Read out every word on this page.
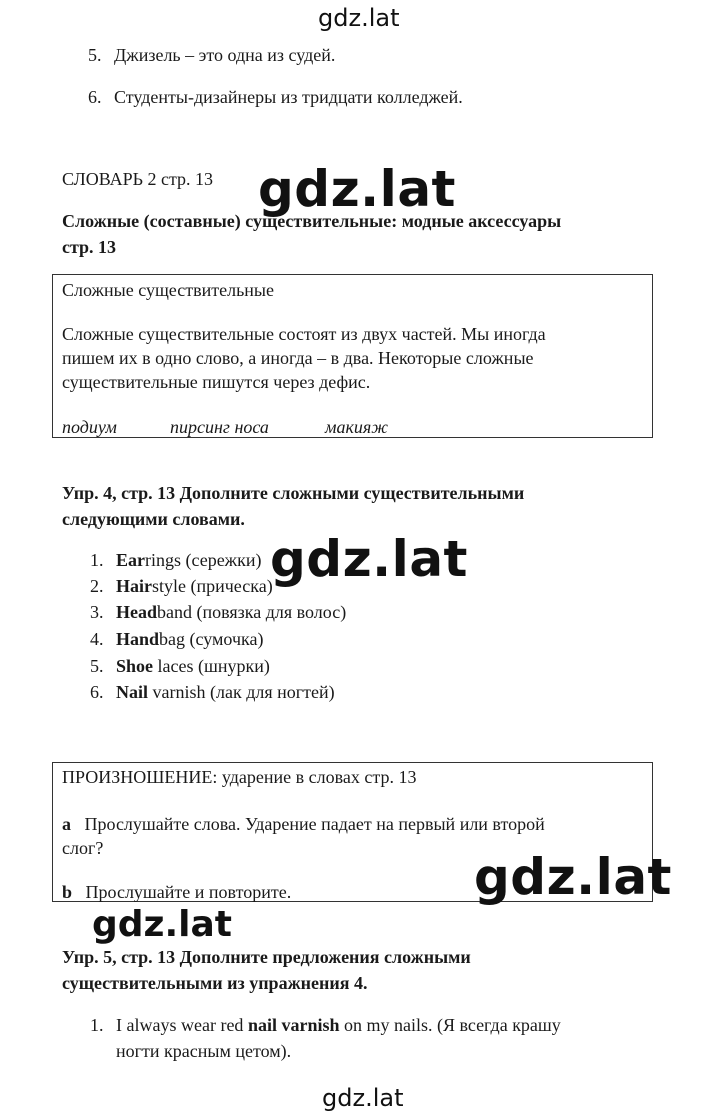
gdz.lat
5. Джизель – это одна из судей.
6. Студенты-дизайнеры из тридцати колледжей.
СЛОВАРЬ 2 стр. 13
Сложные (составные) существительные: модные аксессуары
стр. 13
gdz.lat
Сложные существительные
Сложные существительные состоят из двух частей. Мы иногда
пишем их в одно слово, а иногда – в два. Некоторые сложные
существительные пишутся через дефис.
подиум	пирсинг носа	макияж
Упр. 4, стр. 13 Дополните сложными существительными
следующими словами.
1. Earrings (сережки)
2. Hairstyle (прическа)
3. Headband (повязка для волос)
4. Handbag (сумочка)
5. Shoe laces (шнурки)
6. Nail varnish (лак для ногтей)
gdz.lat
ПРОИЗНОШЕНИЕ: ударение в словах стр. 13
a Прослушайте слова. Ударение падает на первый или второй
слог?
b Прослушайте и повторите.	gdz.lat
gdz.lat
Упр. 5, стр. 13 Дополните предложения сложными
существительными из упражнения 4.
1. I always wear red nail varnish on my nails. (Я всегда крашу
ногти красным цетом).
gdz.lat
